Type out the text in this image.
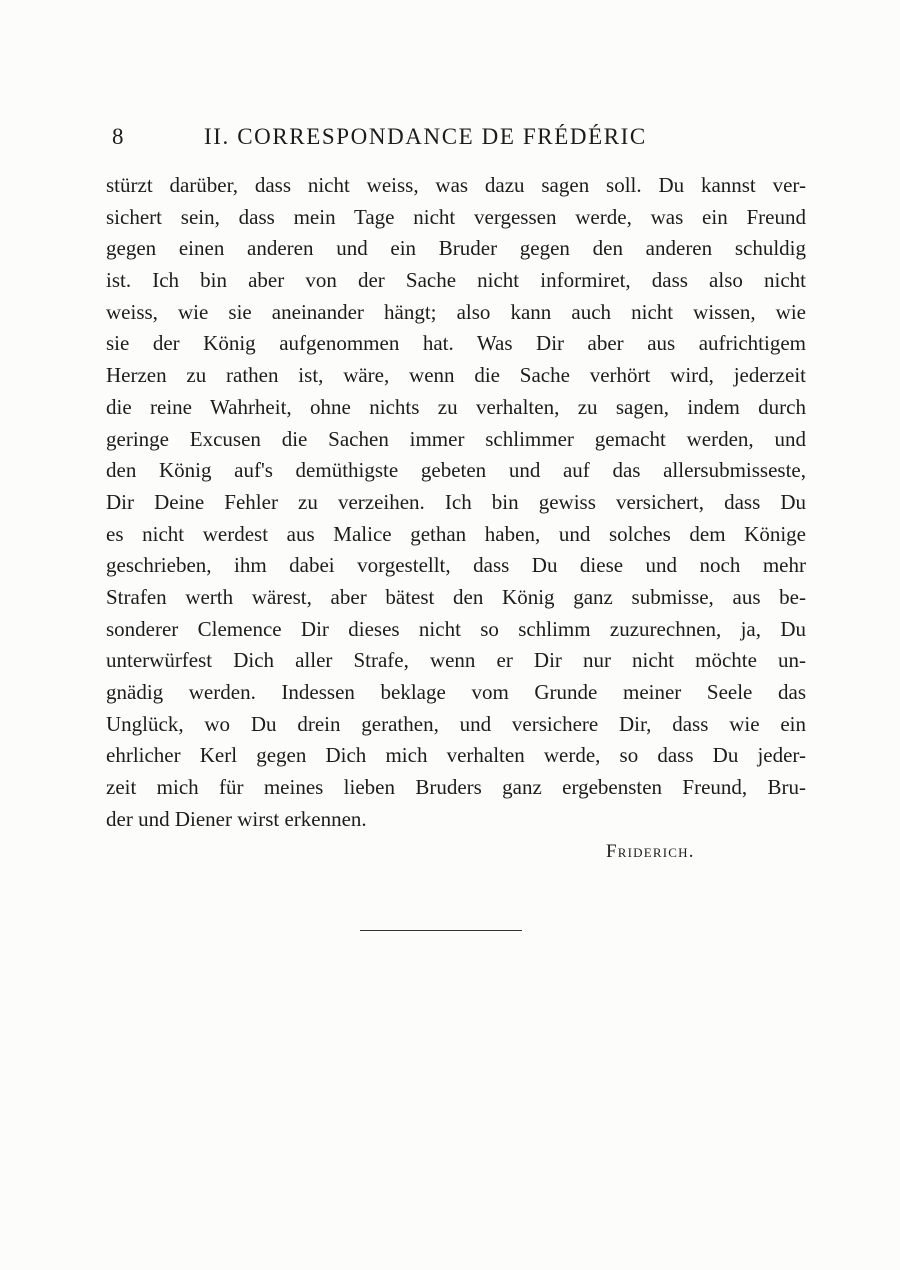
8	II. CORRESPONDANCE DE FRÉDÉRIC
stürzt darüber, dass nicht weiss, was dazu sagen soll. Du kannst ver-
sichert sein, dass mein Tage nicht vergessen werde, was ein Freund
gegen einen anderen und ein Bruder gegen den anderen schuldig
ist. Ich bin aber von der Sache nicht informiret, dass also nicht
weiss, wie sie aneinander hängt; also kann auch nicht wissen, wie
sie der König aufgenommen hat. Was Dir aber aus aufrichtigem
Herzen zu rathen ist, wäre, wenn die Sache verhört wird, jederzeit
die reine Wahrheit, ohne nichts zu verhalten, zu sagen, indem durch
geringe Excusen die Sachen immer schlimmer gemacht werden, und
den König auf's demüthigste gebeten und auf das allersubmisseste,
Dir Deine Fehler zu verzeihen. Ich bin gewiss versichert, dass Du
es nicht werdest aus Malice gethan haben, und solches dem Könige
geschrieben, ihm dabei vorgestellt, dass Du diese und noch mehr
Strafen werth wärest, aber bätest den König ganz submisse, aus be-
sonderer Clemence Dir dieses nicht so schlimm zuzurechnen, ja, Du
unterwürfest Dich aller Strafe, wenn er Dir nur nicht möchte un-
gnädig werden. Indessen beklage vom Grunde meiner Seele das
Unglück, wo Du drein gerathen, und versichere Dir, dass wie ein
ehrlicher Kerl gegen Dich mich verhalten werde, so dass Du jeder-
zeit mich für meines lieben Bruders ganz ergebensten Freund, Bru-
der und Diener wirst erkennen.
Friderich.
